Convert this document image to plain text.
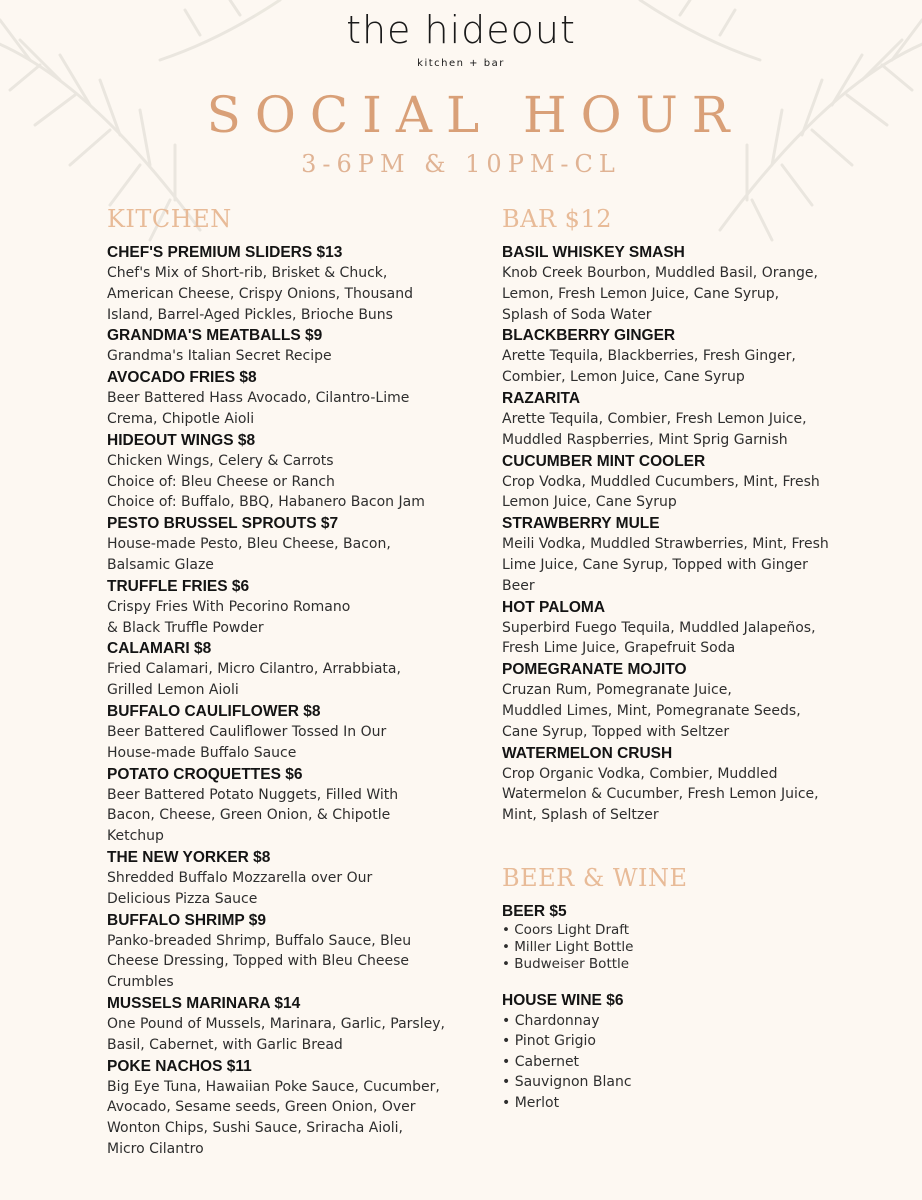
the hideout
kitchen + bar
SOCIAL HOUR
3-6PM & 10PM-CL
KITCHEN
CHEF'S PREMIUM SLIDERS $13
Chef's Mix of Short-rib, Brisket & Chuck,
American Cheese, Crispy Onions, Thousand
Island, Barrel-Aged Pickles, Brioche Buns
GRANDMA'S MEATBALLS $9
Grandma's Italian Secret Recipe
AVOCADO FRIES $8
Beer Battered Hass Avocado, Cilantro-Lime
Crema, Chipotle Aioli
HIDEOUT WINGS $8
Chicken Wings, Celery & Carrots
Choice of: Bleu Cheese or Ranch
Choice of: Buffalo, BBQ, Habanero Bacon Jam
PESTO BRUSSEL SPROUTS $7
House-made Pesto, Bleu Cheese, Bacon,
Balsamic Glaze
TRUFFLE FRIES $6
Crispy Fries With Pecorino Romano
& Black Truffle Powder
CALAMARI $8
Fried Calamari, Micro Cilantro, Arrabbiata,
Grilled Lemon Aioli
BUFFALO CAULIFLOWER $8
Beer Battered Cauliflower Tossed In Our
House-made Buffalo Sauce
POTATO CROQUETTES $6
Beer Battered Potato Nuggets, Filled With
Bacon, Cheese, Green Onion, & Chipotle
Ketchup
THE NEW YORKER $8
Shredded Buffalo Mozzarella over Our
Delicious Pizza Sauce
BUFFALO SHRIMP $9
Panko-breaded Shrimp, Buffalo Sauce, Bleu
Cheese Dressing, Topped with Bleu Cheese
Crumbles
MUSSELS MARINARA $14
One Pound of Mussels, Marinara, Garlic, Parsley,
Basil, Cabernet, with Garlic Bread
POKE NACHOS $11
Big Eye Tuna, Hawaiian Poke Sauce, Cucumber,
Avocado, Sesame seeds, Green Onion, Over
Wonton Chips, Sushi Sauce, Sriracha Aioli,
Micro Cilantro
BAR $12
BASIL WHISKEY SMASH
Knob Creek Bourbon, Muddled Basil, Orange,
Lemon, Fresh Lemon Juice, Cane Syrup,
Splash of Soda Water
BLACKBERRY GINGER
Arette Tequila, Blackberries, Fresh Ginger,
Combier, Lemon Juice, Cane Syrup
RAZARITA
Arette Tequila, Combier, Fresh Lemon Juice,
Muddled Raspberries, Mint Sprig Garnish
CUCUMBER MINT COOLER
Crop Vodka, Muddled Cucumbers, Mint, Fresh
Lemon Juice, Cane Syrup
STRAWBERRY MULE
Meili Vodka, Muddled Strawberries, Mint, Fresh
Lime Juice, Cane Syrup, Topped with Ginger
Beer
HOT PALOMA
Superbird Fuego Tequila, Muddled Jalapeños,
Fresh Lime Juice, Grapefruit Soda
POMEGRANATE MOJITO
Cruzan Rum, Pomegranate Juice,
Muddled Limes, Mint, Pomegranate Seeds,
Cane Syrup, Topped with Seltzer
WATERMELON CRUSH
Crop Organic Vodka, Combier, Muddled
Watermelon & Cucumber, Fresh Lemon Juice,
Mint, Splash of Seltzer
BEER & WINE
BEER $5
• Coors Light Draft
• Miller Light Bottle
• Budweiser Bottle
HOUSE WINE $6
• Chardonnay
• Pinot Grigio
• Cabernet
• Sauvignon Blanc
• Merlot
